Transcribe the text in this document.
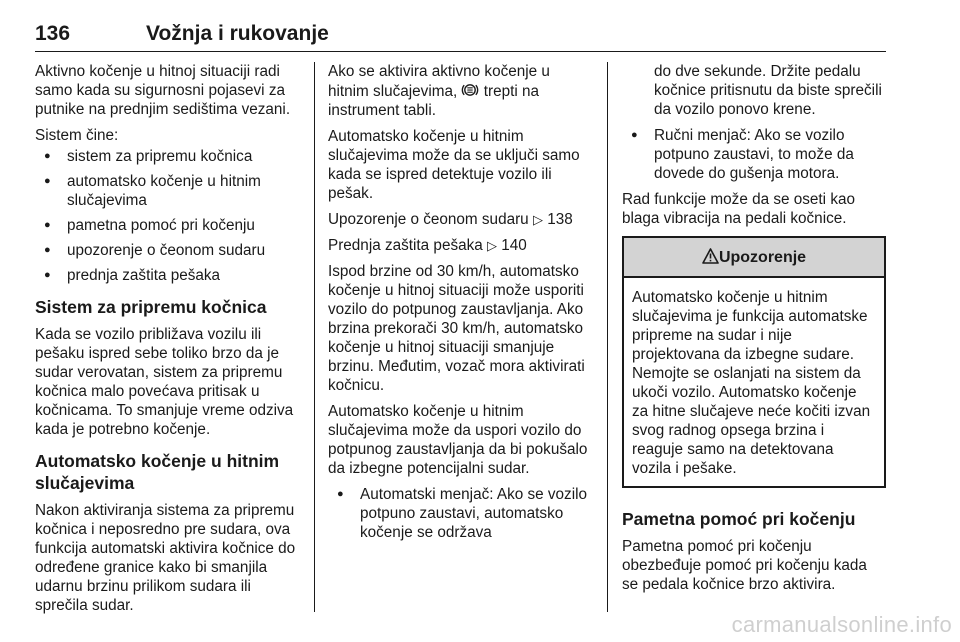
136	Vožnja i rukovanje

Aktivno kočenje u hitnoj situaciji radi samo kada su sigurnosni pojasevi za putnike na prednjim sedištima vezani.

Sistem čine:

● sistem za pripremu kočnica
● automatsko kočenje u hitnim slučajevima
● pametna pomoć pri kočenju
● upozorenje o čeonom sudaru
● prednja zaštita pešaka
Sistem za pripremu kočnica

Kada se vozilo približava vozilu ili pešaku ispred sebe toliko brzo da je sudar verovatan, sistem za pripremu kočnica malo povećava pritisak u kočnicama. To smanjuje vreme odziva kada je potrebno kočenje.

Automatsko kočenje u hitnim slučajevima

Nakon aktiviranja sistema za pripremu kočnica i neposredno pre sudara, ova funkcija automatski aktivira kočnice do određene granice kako bi smanjila udarnu brzinu prilikom sudara ili sprečila sudar.

Ako se aktivira aktivno kočenje u hitnim slučajevima, trepti na instrument tabli.

Automatsko kočenje u hitnim slučajevima može da se uključi samo kada se ispred detektuje vozilo ili pešak.

Upozorenje o čeonom sudaru ▷ 138

Prednja zaštita pešaka ▷ 140

Ispod brzine od 30 km/h, automatsko kočenje u hitnoj situaciji može usporiti vozilo do potpunog zaustavljanja. Ako brzina prekorači 30 km/h, automatsko kočenje u hitnoj situaciji smanjuje brzinu. Međutim, vozač mora aktivirati kočnicu.

Automatsko kočenje u hitnim slučajevima može da uspori vozilo do potpunog zaustavljanja da bi pokušalo da izbegne potencijalni sudar.

● Automatski menjač: Ako se vozilo potpuno zaustavi, automatsko kočenje se održava

do dve sekunde. Držite pedalu kočnice pritisnutu da biste sprečili da vozilo ponovo krene.

● Ručni menjač: Ako se vozilo potpuno zaustavi, to može da dovede do gušenja motora.

Rad funkcije može da se oseti kao blaga vibracija na pedali kočnice.

Upozorenje

Automatsko kočenje u hitnim slučajevima je funkcija automatske pripreme na sudar i nije projektovana da izbegne sudare. Nemojte se oslanjati na sistem da ukoči vozilo. Automatsko kočenje za hitne slučajeve neće kočiti izvan svog radnog opsega brzina i reaguje samo na detektovana vozila i pešake.

Pametna pomoć pri kočenju

Pametna pomoć pri kočenju obezbeđuje pomoć pri kočenju kada se pedala kočnice brzo aktivira.

carmanualsonline.info
